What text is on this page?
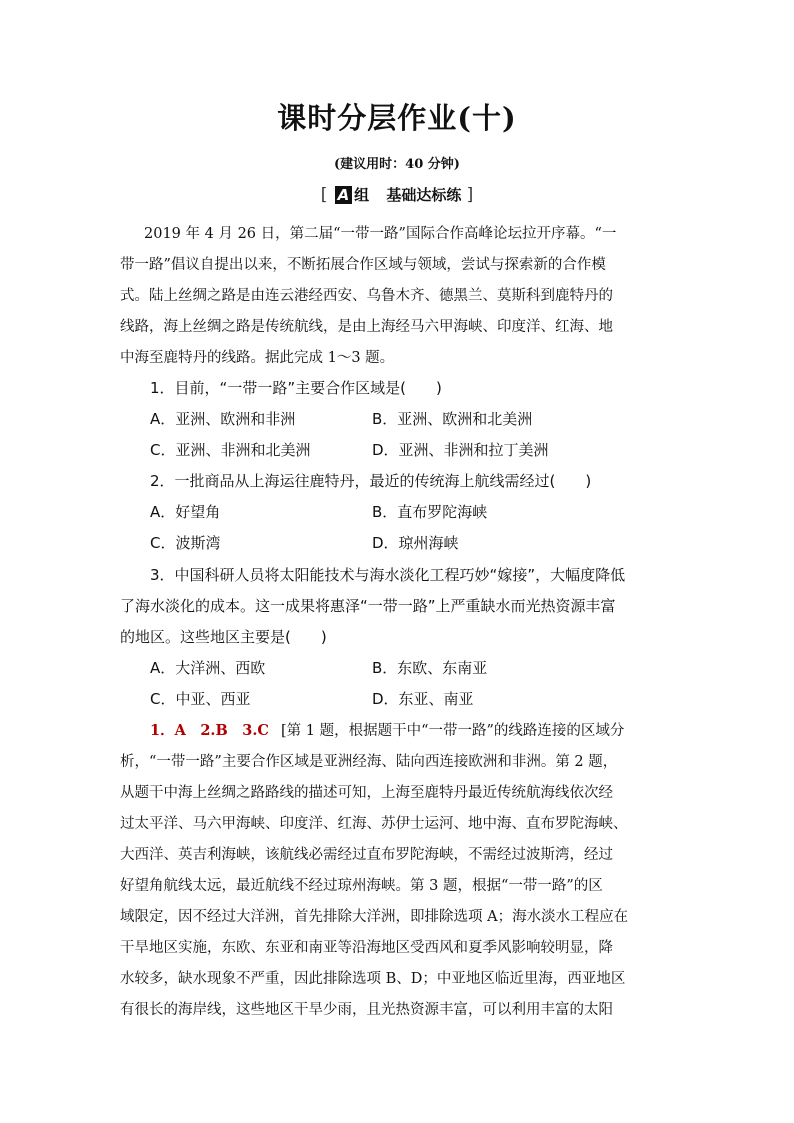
课时分层作业(十)
(建议用时：40 分钟)
[ A 组 基础达标练 ]
2019 年 4 月 26 日，第二届“一带一路”国际合作高峰论坛拉开序幕。“一
带一路”倡议自提出以来，不断拓展合作区域与领域，尝试与探索新的合作模
式。陆上丝绸之路是由连云港经西安、乌鲁木齐、德黑兰、莫斯科到鹿特丹的
线路，海上丝绸之路是传统航线，是由上海经马六甲海峡、印度洋、红海、地
中海至鹿特丹的线路。据此完成 1～3 题。
1．目前，“一带一路”主要合作区域是(　　)
A．亚洲、欧洲和非洲	B．亚洲、欧洲和北美洲
C．亚洲、非洲和北美洲	D．亚洲、非洲和拉丁美洲
2．一批商品从上海运往鹿特丹，最近的传统海上航线需经过(　　)
A．好望角	B．直布罗陀海峡
C．波斯湾	D．琼州海峡
3．中国科研人员将太阳能技术与海水淡化工程巧妙“嫁接”，大幅度降低
了海水淡化的成本。这一成果将惠泽“一带一路”上严重缺水而光热资源丰富
的地区。这些地区主要是(　　)
A．大洋洲、西欧	B．东欧、东南亚
C．中亚、西亚	D．东亚、南亚
1．A　2.B　3.C [第 1 题，根据题干中“一带一路”的线路连接的区域分
析，“一带一路”主要合作区域是亚洲经海、陆向西连接欧洲和非洲。第 2 题，
从题干中海上丝绸之路路线的描述可知，上海至鹿特丹最近传统航海线依次经
过太平洋、马六甲海峡、印度洋、红海、苏伊士运河、地中海、直布罗陀海峡、
大西洋、英吉利海峡，该航线必需经过直布罗陀海峡，不需经过波斯湾，经过
好望角航线太远，最近航线不经过琼州海峡。第 3 题，根据“一带一路”的区
域限定，因不经过大洋洲，首先排除大洋洲，即排除选项 A；海水淡水工程应在
干旱地区实施，东欧、东亚和南亚等沿海地区受西风和夏季风影响较明显，降
水较多，缺水现象不严重，因此排除选项 B、D；中亚地区临近里海，西亚地区
有很长的海岸线，这些地区干旱少雨，且光热资源丰富，可以利用丰富的太阳
